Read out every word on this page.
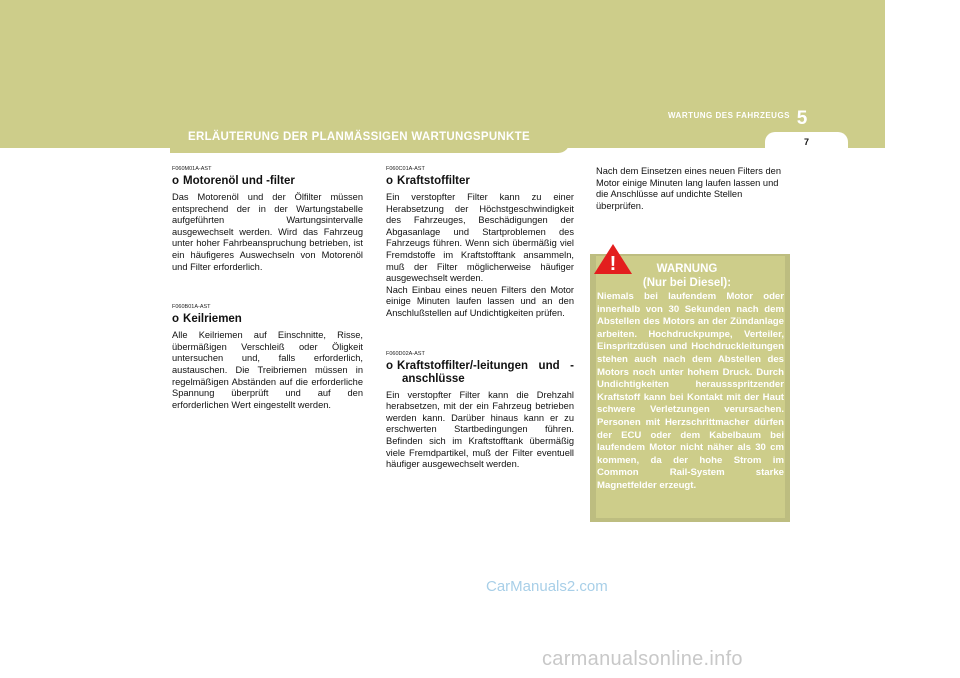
WARTUNG DES FAHRZEUGS 5
ERLÄUTERUNG DER PLANMÄSSIGEN WARTUNGSPUNKTE	7
F060M01A-AST
o Motorenöl und -filter

Das Motorenöl und der Ölfilter müssen entsprechend der in der Wartungstabelle aufgeführten Wartungsintervalle ausgewechselt werden. Wird das Fahrzeug unter hoher Fahrbeanspruchung betrieben, ist ein häufigeres Auswechseln von Motorenöl und Filter erforderlich.

F060B01A-AST
o Keilriemen

Alle Keilriemen auf Einschnitte, Risse, übermäßigen Verschleiß oder Öligkeit untersuchen und, falls erforderlich, austauschen. Die Treibriemen müssen in regelmäßigen Abständen auf die erforderliche Spannung überprüft und auf den erforderlichen Wert eingestellt werden.

F060C01A-AST
o Kraftstoffilter

Ein verstopfter Filter kann zu einer Herabsetzung der Höchstgeschwindigkeit des Fahrzeuges, Beschädigungen der Abgasanlage und Startproblemen des Fahrzeugs führen. Wenn sich übermäßig viel Fremdstoffe im Kraftstofftank ansammeln, muß der Filter möglicherweise häufiger ausgewechselt werden.

Nach Einbau eines neuen Filters den Motor einige Minuten laufen lassen und an den Anschlußstellen auf Undichtigkeiten prüfen.

F060D02A-AST
o Kraftstoffilter/-leitungen und -anschlüsse

Ein verstopfter Filter kann die Drehzahl herabsetzen, mit der ein Fahrzeug betrieben werden kann. Darüber hinaus kann er zu erschwerten Startbedingungen führen. Befinden sich im Kraftstofftank übermäßig viele Fremdpartikel, muß der Filter eventuell häufiger ausgewechselt werden.

Nach dem Einsetzen eines neuen Filters den Motor einige Minuten lang laufen lassen und die Anschlüsse auf undichte Stellen überprüfen.

!	WARNUNG
(Nur bei Diesel):
Niemals bei laufendem Motor oder innerhalb von 30 Sekunden nach dem Abstellen des Motors an der Zündanlage arbeiten. Hochdruckpumpe, Verteiler, Einspritzdüsen und Hochdruckleitungen stehen auch nach dem Abstellen des Motors noch unter hohem Druck. Durch Undichtigkeiten heraussspritzender Kraftstoff kann bei Kontakt mit der Haut schwere Verletzungen verursachen. Personen mit Herzschrittmacher dürfen der ECU oder dem Kabelbaum bei laufendem Motor nicht näher als 30 cm kommen, da der hohe Strom im Common Rail-System starke Magnetfelder erzeugt.
CarManuals2.com
carmanualsonline.info
